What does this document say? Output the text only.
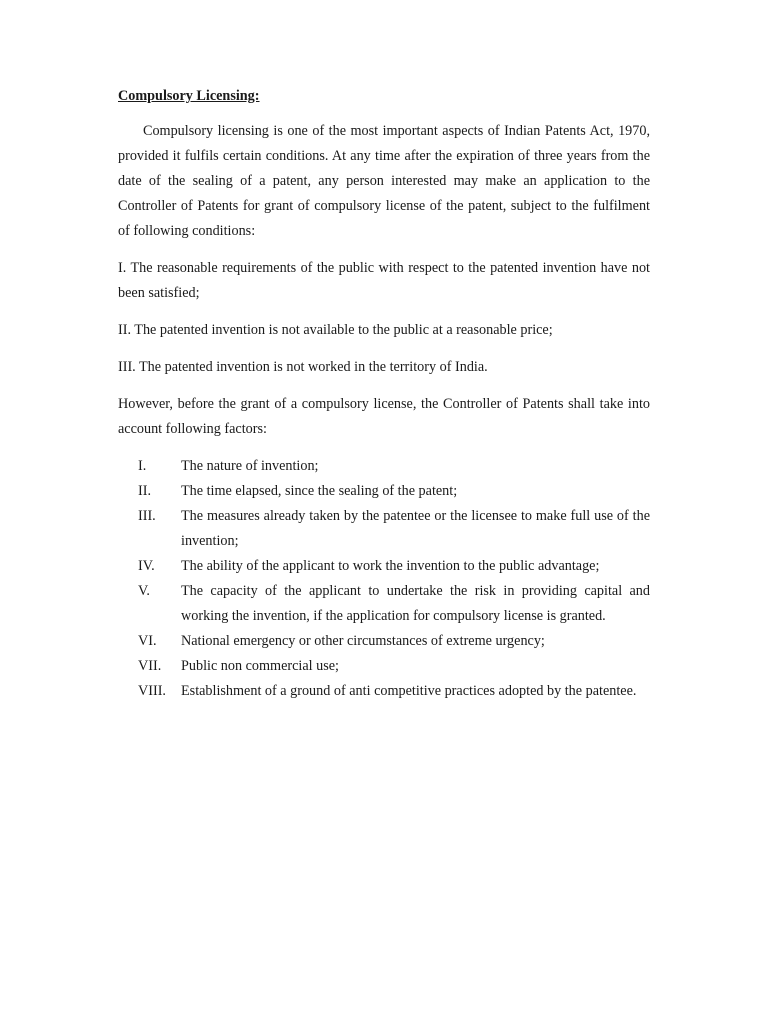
Compulsory Licensing:

Compulsory licensing is one of the most important aspects of Indian Patents Act, 1970, provided it fulfils certain conditions. At any time after the expiration of three years from the date of the sealing of a patent, any person interested may make an application to the Controller of Patents for grant of compulsory license of the patent, subject to the fulfilment of following conditions:

I. The reasonable requirements of the public with respect to the patented invention have not been satisfied;

II. The patented invention is not available to the public at a reasonable price;

III. The patented invention is not worked in the territory of India.

However, before the grant of a compulsory license, the Controller of Patents shall take into account following factors:

I.	The nature of invention;
II.	The time elapsed, since the sealing of the patent;
III.	The measures already taken by the patentee or the licensee to make full use of the invention;
IV.	The ability of the applicant to work the invention to the public advantage;
V.	The capacity of the applicant to undertake the risk in providing capital and working the invention, if the application for compulsory license is granted.
VI.	National emergency or other circumstances of extreme urgency;
VII.	Public non commercial use;
VIII.	Establishment of a ground of anti competitive practices adopted by the patentee.
